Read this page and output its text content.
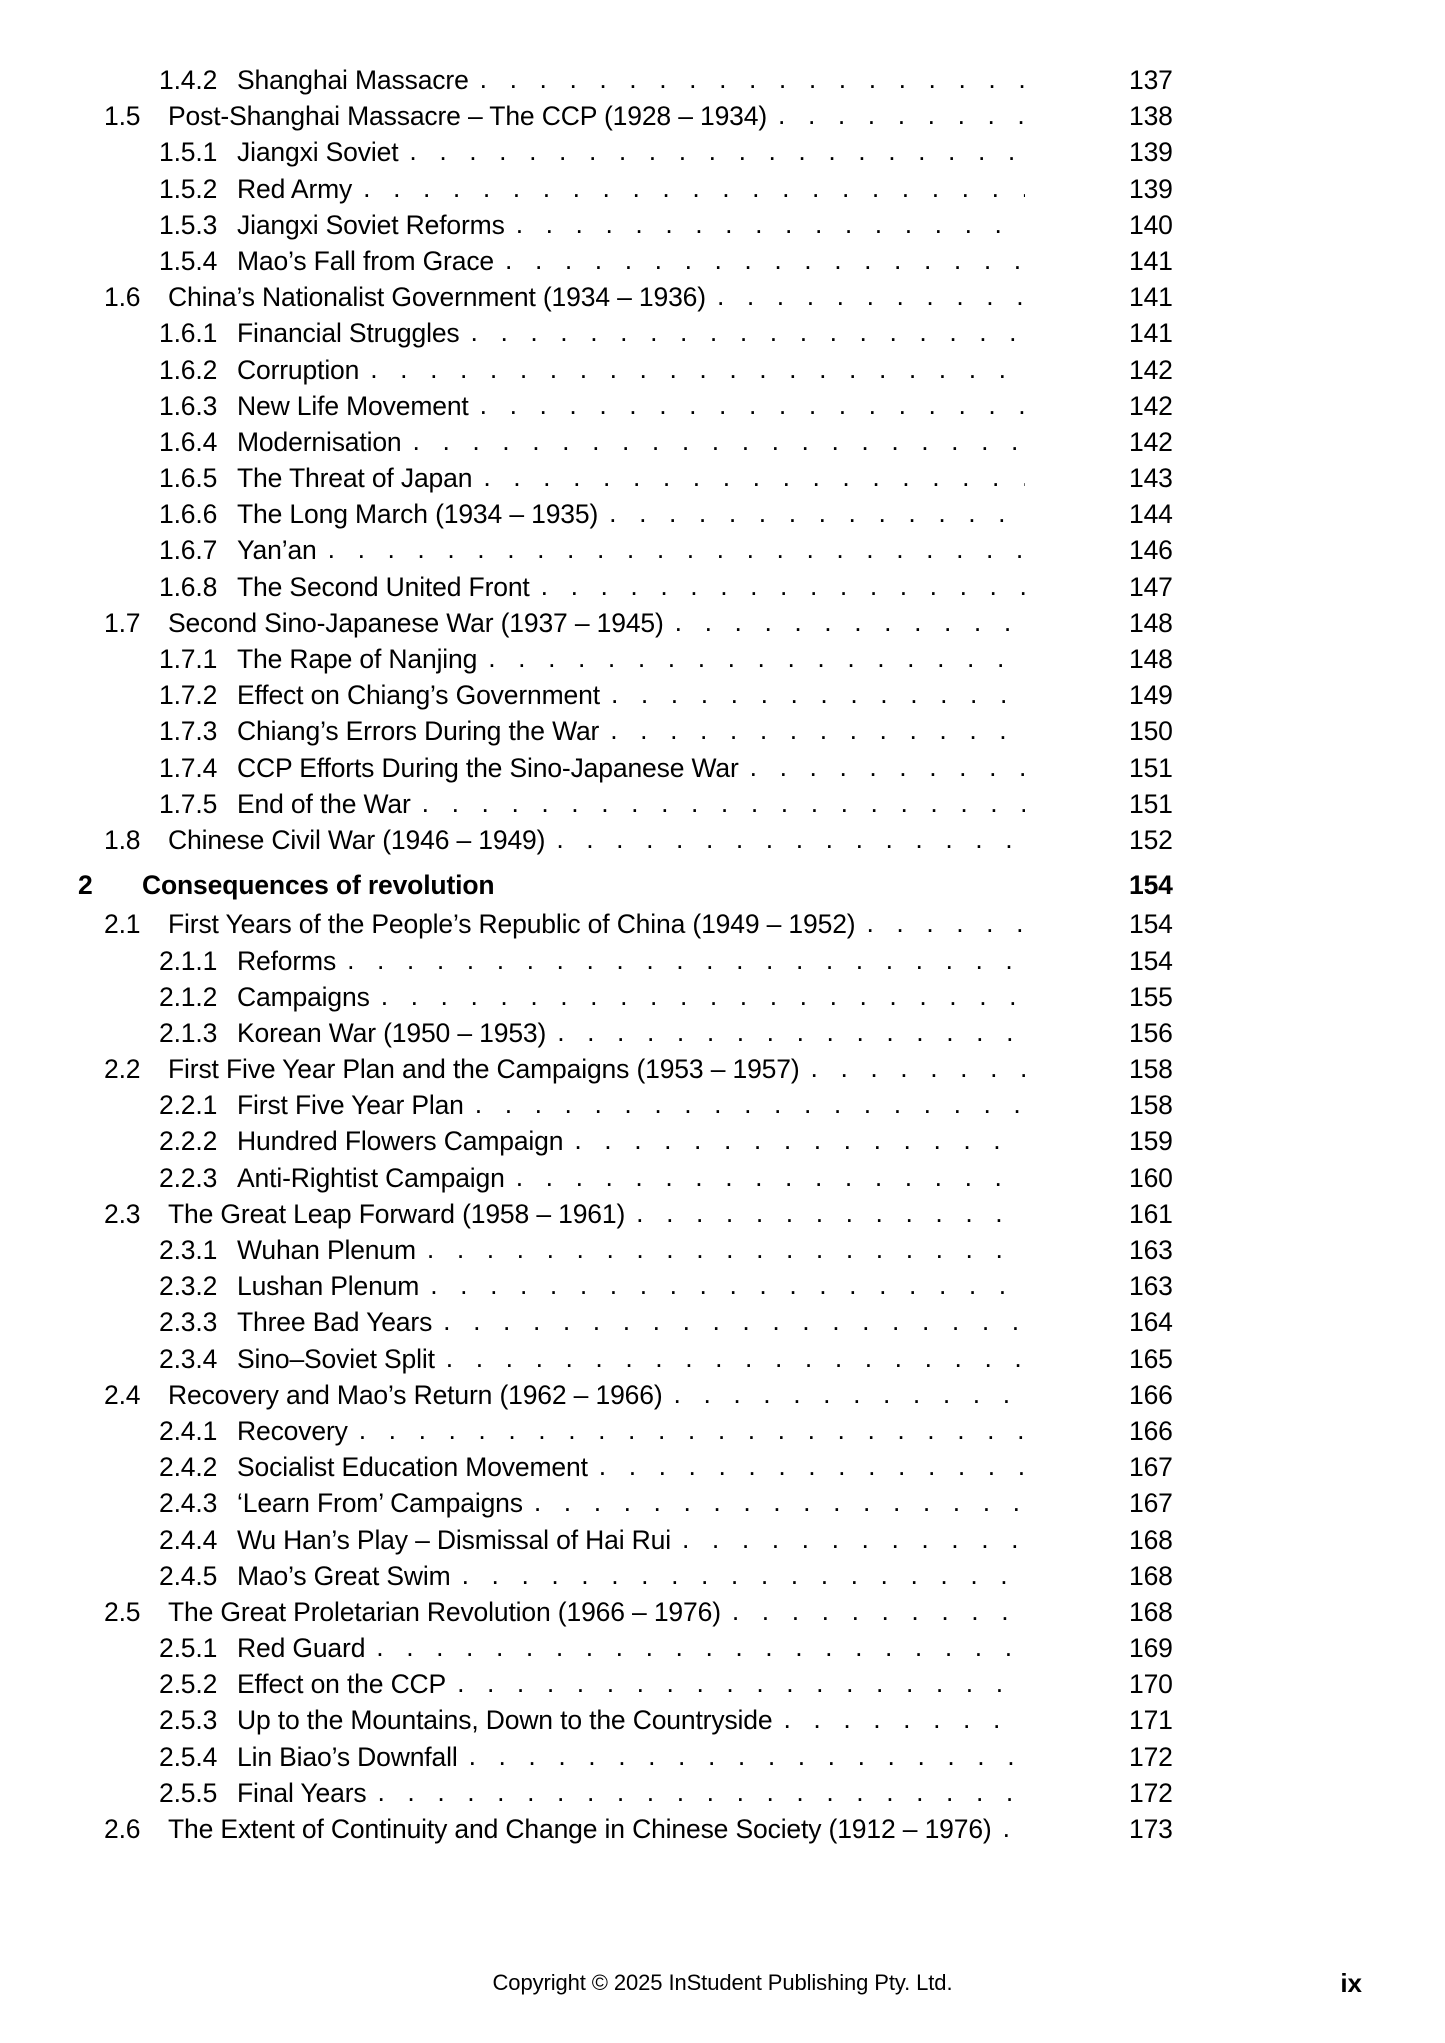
1.4.2 Shanghai Massacre . . .	137
1.5	Post-Shanghai Massacre – The CCP (1928 – 1934) . . .	138
1.5.1 Jiangxi Soviet . . .	139
1.5.2 Red Army . . .	139
1.5.3 Jiangxi Soviet Reforms . . .	140
1.5.4 Mao’s Fall from Grace . . .	141
1.6	China’s Nationalist Government (1934 – 1936) . . .	141
1.6.1 Financial Struggles . . .	141
1.6.2 Corruption . . .	142
1.6.3 New Life Movement . . .	142
1.6.4 Modernisation . . .	142
1.6.5 The Threat of Japan . . .	143
1.6.6 The Long March (1934 – 1935) . . .	144
1.6.7 Yan’an . . .	146
1.6.8 The Second United Front . . .	147
1.7	Second Sino-Japanese War (1937 – 1945) . . .	148
1.7.1 The Rape of Nanjing . . .	148
1.7.2 Effect on Chiang’s Government . . .	149
1.7.3 Chiang’s Errors During the War . . .	150
1.7.4 CCP Efforts During the Sino-Japanese War . . .	151
1.7.5 End of the War . . .	151
1.8	Chinese Civil War (1946 – 1949) . . .	152
2	Consequences of revolution	154
2.1	First Years of the People’s Republic of China (1949 – 1952) . . .	154
2.1.1 Reforms . . .	154
2.1.2 Campaigns . . .	155
2.1.3 Korean War (1950 – 1953) . . .	156
2.2	First Five Year Plan and the Campaigns (1953 – 1957) . . .	158
2.2.1 First Five Year Plan . . .	158
2.2.2 Hundred Flowers Campaign . . .	159
2.2.3 Anti-Rightist Campaign . . .	160
2.3	The Great Leap Forward (1958 – 1961) . . .	161
2.3.1 Wuhan Plenum . . .	163
2.3.2 Lushan Plenum . . .	163
2.3.3 Three Bad Years . . .	164
2.3.4 Sino–Soviet Split . . .	165
2.4	Recovery and Mao’s Return (1962 – 1966) . . .	166
2.4.1 Recovery . . .	166
2.4.2 Socialist Education Movement . . .	167
2.4.3 ‘Learn From’ Campaigns . . .	167
2.4.4 Wu Han’s Play – Dismissal of Hai Rui . . .	168
2.4.5 Mao’s Great Swim . . .	168
2.5	The Great Proletarian Revolution (1966 – 1976) . . .	168
2.5.1 Red Guard . . .	169
2.5.2 Effect on the CCP . . .	170
2.5.3 Up to the Mountains, Down to the Countryside . . .	171
2.5.4 Lin Biao’s Downfall . . .	172
2.5.5 Final Years . . .	172
2.6	The Extent of Continuity and Change in Chinese Society (1912 – 1976) . . .	173
Copyright © 2025 InStudent Publishing Pty. Ltd.	ix
